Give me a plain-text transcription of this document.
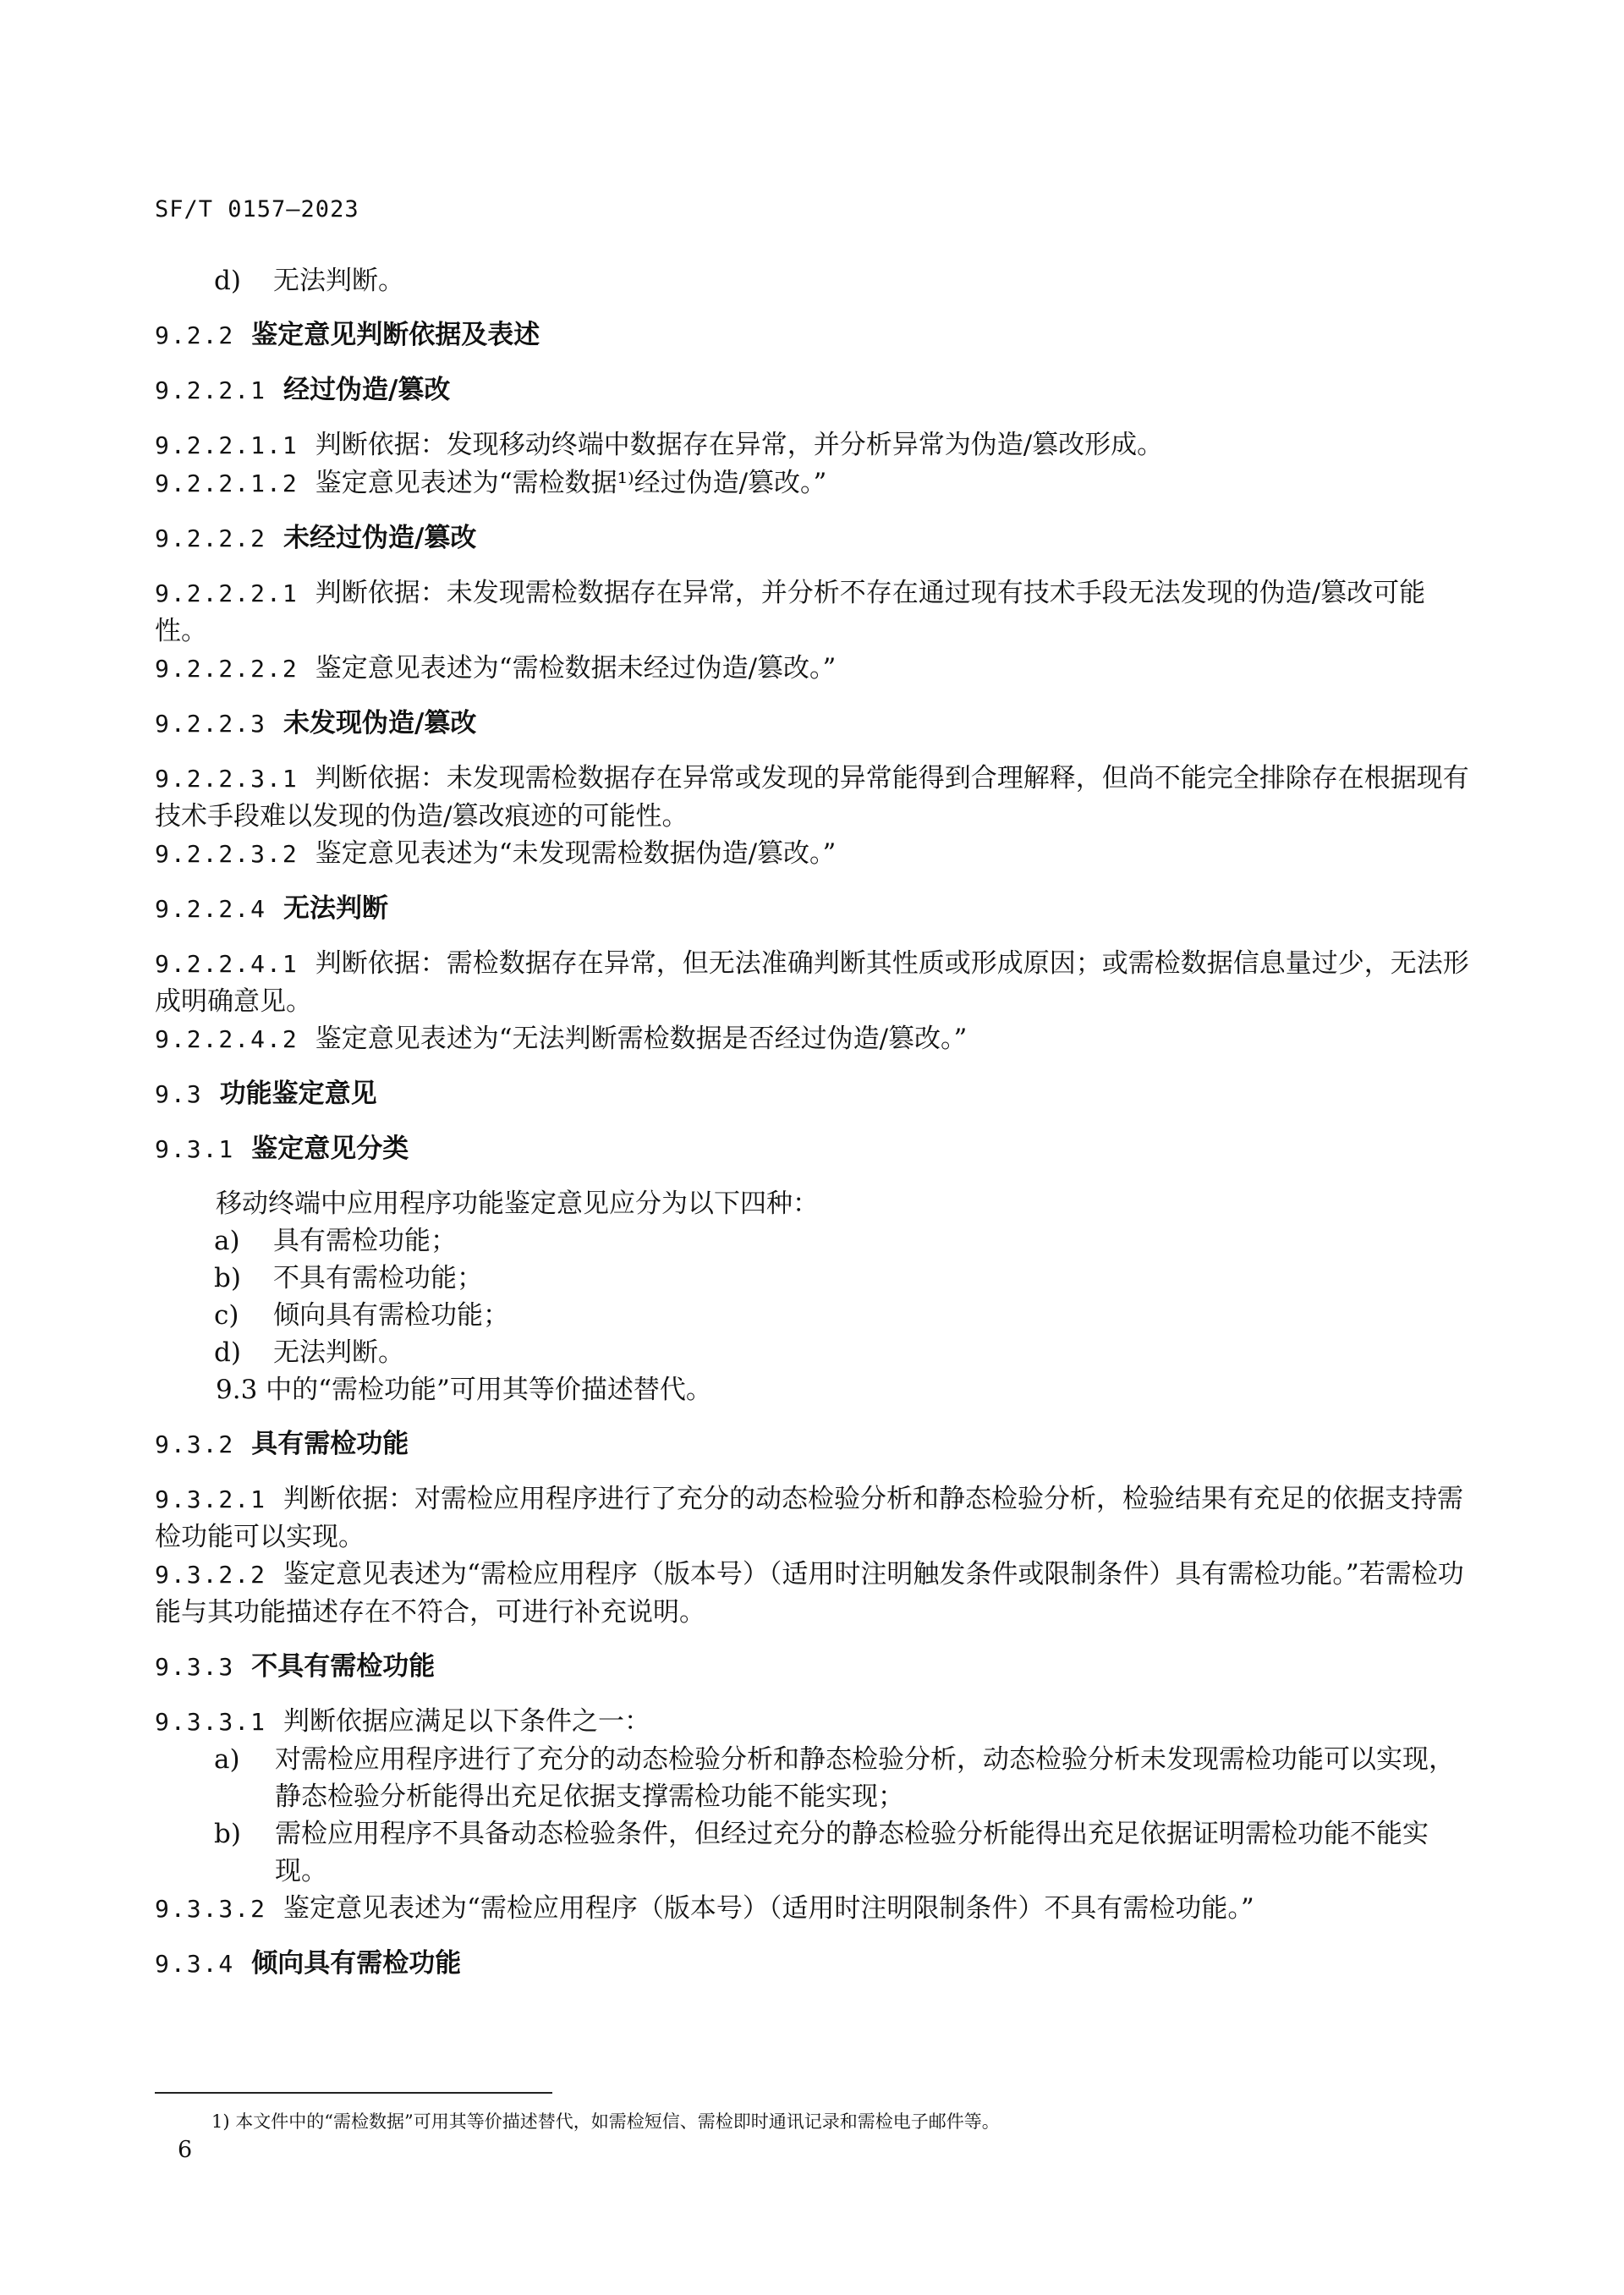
SF/T 0157—2023
d)	无法判断。
9.2.2 鉴定意见判断依据及表述
9.2.2.1 经过伪造/篡改
9.2.2.1.1 判断依据：发现移动终端中数据存在异常，并分析异常为伪造/篡改形成。
9.2.2.1.2 鉴定意见表述为“需检数据¹⁾经过伪造/篡改。”
9.2.2.2 未经过伪造/篡改
9.2.2.2.1 判断依据：未发现需检数据存在异常，并分析不存在通过现有技术手段无法发现的伪造/篡改可能性。
9.2.2.2.2 鉴定意见表述为“需检数据未经过伪造/篡改。”
9.2.2.3 未发现伪造/篡改
9.2.2.3.1 判断依据：未发现需检数据存在异常或发现的异常能得到合理解释，但尚不能完全排除存在根据现有技术手段难以发现的伪造/篡改痕迹的可能性。
9.2.2.3.2 鉴定意见表述为“未发现需检数据伪造/篡改。”
9.2.2.4 无法判断
9.2.2.4.1 判断依据：需检数据存在异常，但无法准确判断其性质或形成原因；或需检数据信息量过少，无法形成明确意见。
9.2.2.4.2 鉴定意见表述为“无法判断需检数据是否经过伪造/篡改。”
9.3 功能鉴定意见
9.3.1 鉴定意见分类
移动终端中应用程序功能鉴定意见应分为以下四种：
a)	具有需检功能；
b)	不具有需检功能；
c)	倾向具有需检功能；
d)	无法判断。
9.3 中的“需检功能”可用其等价描述替代。
9.3.2 具有需检功能
9.3.2.1 判断依据：对需检应用程序进行了充分的动态检验分析和静态检验分析，检验结果有充足的依据支持需检功能可以实现。
9.3.2.2 鉴定意见表述为“需检应用程序（版本号）（适用时注明触发条件或限制条件）具有需检功能。”若需检功能与其功能描述存在不符合，可进行补充说明。
9.3.3 不具有需检功能
9.3.3.1 判断依据应满足以下条件之一：
a) 对需检应用程序进行了充分的动态检验分析和静态检验分析，动态检验分析未发现需检功能可以实现，静态检验分析能得出充足依据支撑需检功能不能实现；
b) 需检应用程序不具备动态检验条件，但经过充分的静态检验分析能得出充足依据证明需检功能不能实现。
9.3.3.2 鉴定意见表述为“需检应用程序（版本号）（适用时注明限制条件）不具有需检功能。”
9.3.4 倾向具有需检功能
1) 本文件中的“需检数据”可用其等价描述替代，如需检短信、需检即时通讯记录和需检电子邮件等。
6
